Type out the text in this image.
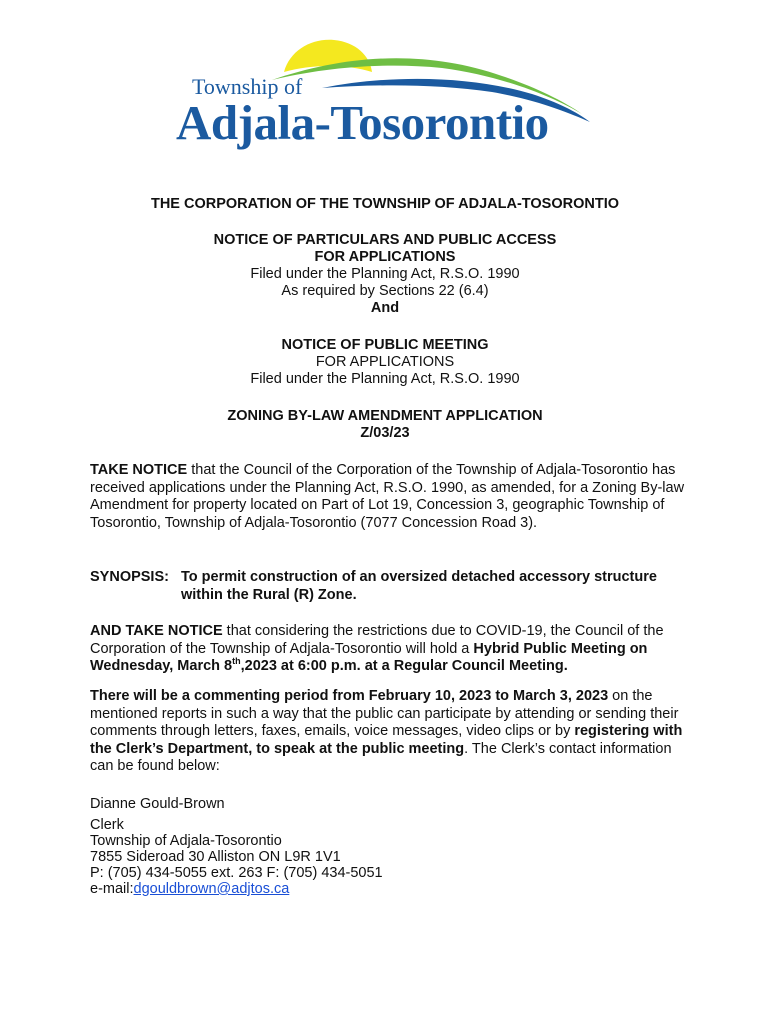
Township of
Adjala-Tosorontio
THE CORPORATION OF THE TOWNSHIP OF ADJALA-TOSORONTIO
NOTICE OF PARTICULARS AND PUBLIC ACCESS
FOR APPLICATIONS
Filed under the Planning Act, R.S.O. 1990
As required by Sections 22 (6.4)
And
NOTICE OF PUBLIC MEETING
FOR APPLICATIONS
Filed under the Planning Act, R.S.O. 1990
ZONING BY-LAW AMENDMENT APPLICATION
Z/03/23
TAKE NOTICE that the Council of the Corporation of the Township of Adjala-Tosorontio has received applications under the Planning Act, R.S.O. 1990, as amended, for a Zoning By-law Amendment for property located on Part of Lot 19, Concession 3, geographic Township of Tosorontio, Township of Adjala-Tosorontio (7077 Concession Road 3).
SYNOPSIS: To permit construction of an oversized detached accessory structure within the Rural (R) Zone.
AND TAKE NOTICE that considering the restrictions due to COVID-19, the Council of the Corporation of the Township of Adjala-Tosorontio will hold a Hybrid Public Meeting on Wednesday, March 8th,2023 at 6:00 p.m. at a Regular Council Meeting.
There will be a commenting period from February 10, 2023 to March 3, 2023 on the mentioned reports in such a way that the public can participate by attending or sending their comments through letters, faxes, emails, voice messages, video clips or by registering with the Clerk’s Department, to speak at the public meeting. The Clerk’s contact information can be found below:
Dianne Gould-Brown
Clerk
Township of Adjala-Tosorontio
7855 Sideroad 30 Alliston ON L9R 1V1
P: (705) 434-5055 ext. 263 F: (705) 434-5051
e-mail:dgouldbrown@adjtos.ca
